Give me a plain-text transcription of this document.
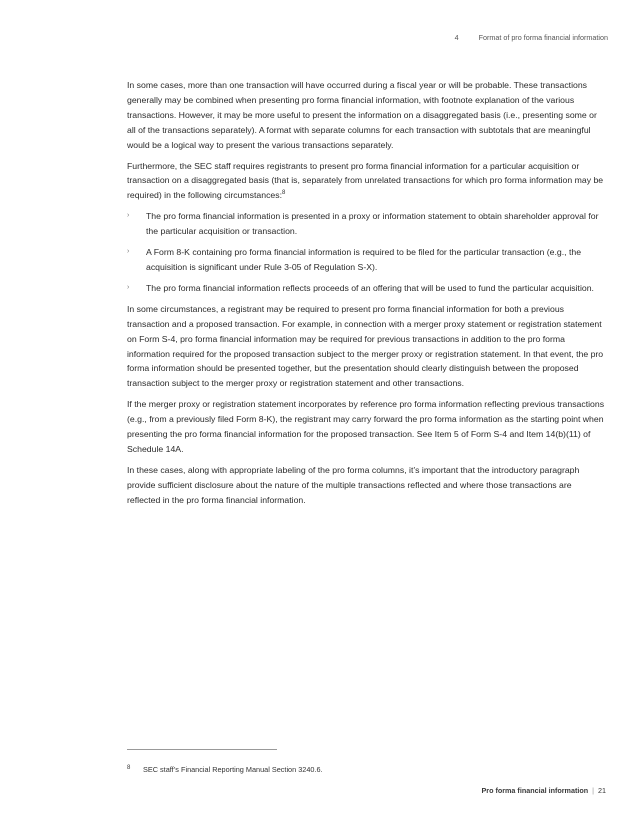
4	Format of pro forma financial information

In some cases, more than one transaction will have occurred during a fiscal year or will be probable. These transactions generally may be combined when presenting pro forma financial information, with footnote explanation of the various transactions. However, it may be more useful to present the information on a disaggregated basis (i.e., presenting some or all of the transactions separately). A format with separate columns for each transaction with subtotals that are meaningful would be a logical way to present the various transactions separately.

Furthermore, the SEC staff requires registrants to present pro forma financial information for a particular acquisition or transaction on a disaggregated basis (that is, separately from unrelated transactions for which pro forma information may be required) in the following circumstances:$^8$

› The pro forma financial information is presented in a proxy or information statement to obtain shareholder approval for the particular acquisition or transaction.
› A Form 8-K containing pro forma financial information is required to be filed for the particular transaction (e.g., the acquisition is significant under Rule 3-05 of Regulation S-X).
› The pro forma financial information reflects proceeds of an offering that will be used to fund the particular acquisition.

In some circumstances, a registrant may be required to present pro forma financial information for both a previous transaction and a proposed transaction. For example, in connection with a merger proxy statement or registration statement on Form S-4, pro forma financial information may be required for previous transactions in addition to the pro forma information required for the proposed transaction subject to the merger proxy or registration statement. In that event, the pro forma information should be presented together, but the presentation should clearly distinguish between the proposed transaction subject to the merger proxy or registration statement and other transactions.

If the merger proxy or registration statement incorporates by reference pro forma information reflecting previous transactions (e.g., from a previously filed Form 8-K), the registrant may carry forward the pro forma information as the starting point when presenting the pro forma financial information for the proposed transaction. See Item 5 of Form S-4 and Item 14(b)(11) of Schedule 14A.

In these cases, along with appropriate labeling of the pro forma columns, it’s important that the introductory paragraph provide sufficient disclosure about the nature of the multiple transactions reflected and where those transactions are reflected in the pro forma financial information.

8 SEC staff’s Financial Reporting Manual Section 3240.6.
Pro forma financial information | 21
